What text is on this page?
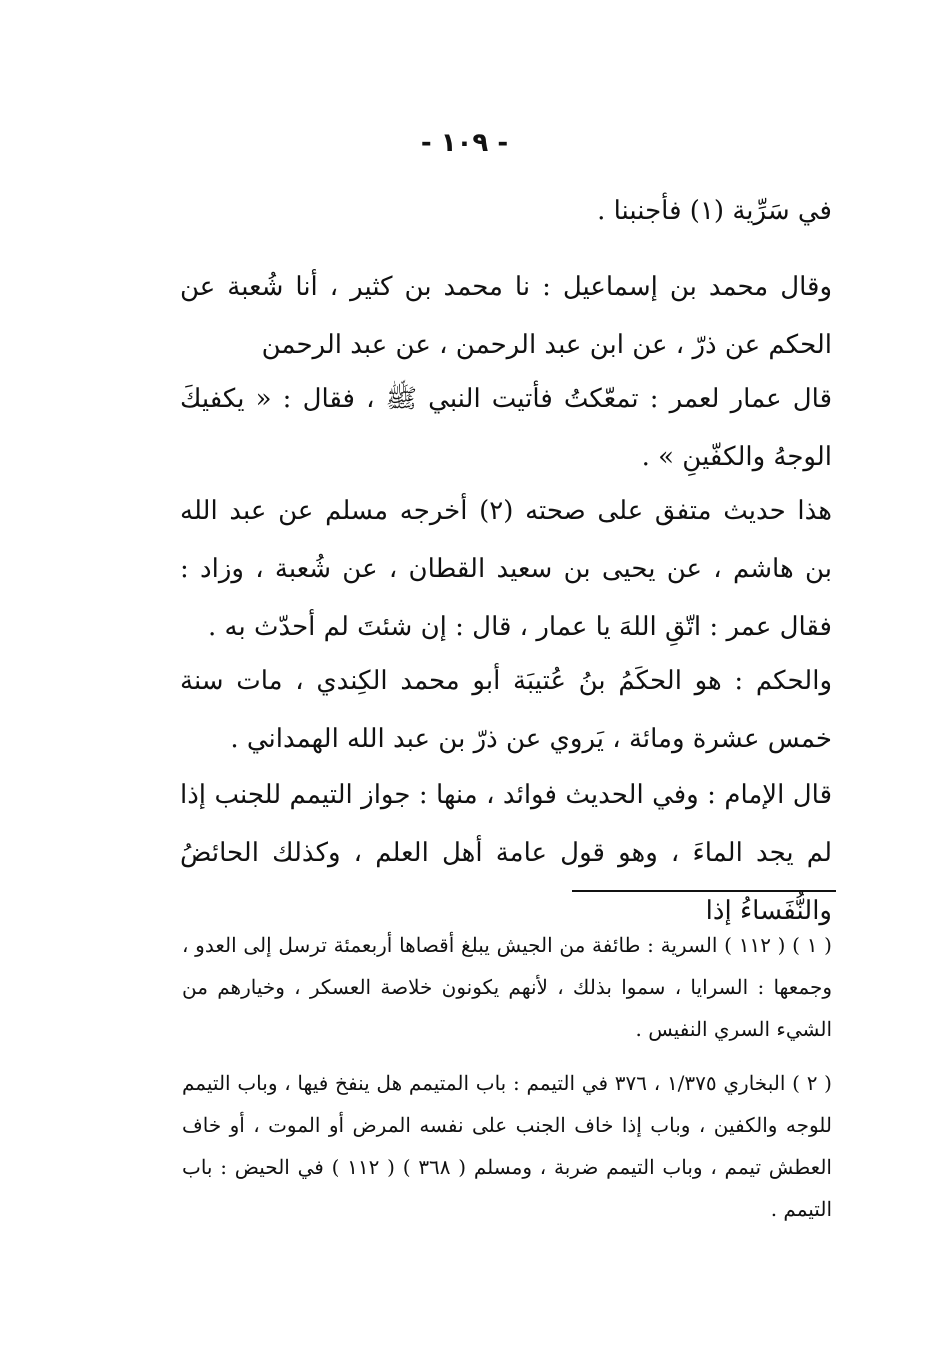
- ١٠٩ -

في سَرِّية (١) فأجنبنا .

وقال محمد بن إسماعيل : نا محمد بن كثير ، أنا شُعبة عن الحكم عن ذرّ ، عن ابن عبد الرحمن ، عن عبد الرحمن

قال عمار لعمر : تمعّكتُ فأتيت النبي ﷺ ، فقال : « يكفيكَ الوجهُ والكفّينِ » .

هذا حديث متفق على صحته (٢) أخرجه مسلم عن عبد الله بن هاشم ، عن يحيى بن سعيد القطان ، عن شُعبة ، وزاد : فقال عمر : اتّقِ اللهَ يا عمار ، قال : إن شئتَ لم أحدّث به .

والحكم : هو الحكَمُ بنُ عُتيبَة أبو محمد الكِندي ، مات سنة خمس عشرة ومائة ، يَروي عن ذرّ بن عبد الله الهمداني .

قال الإمام : وفي الحديث فوائد ، منها : جواز التيمم للجنب إذا لم يجد الماءَ ، وهو قول عامة أهل العلم ، وكذلك الحائضُ والنُّفَساءُ إذا

( ١ ) ( ١١٢ ) السرية : طائفة من الجيش يبلغ أقصاها أربعمئة ترسل إلى العدو ، وجمعها : السرايا ، سموا بذلك ، لأنهم يكونون خلاصة العسكر ، وخيارهم من الشيء السري النفيس .

( ٢ ) البخاري ١/٣٧٥ ، ٣٧٦ في التيمم : باب المتيمم هل ينفخ فيها ، وباب التيمم للوجه والكفين ، وباب إذا خاف الجنب على نفسه المرض أو الموت ، أو خاف العطش تيمم ، وباب التيمم ضربة ، ومسلم ( ٣٦٨ ) ( ١١٢ ) في الحيض : باب التيمم .
